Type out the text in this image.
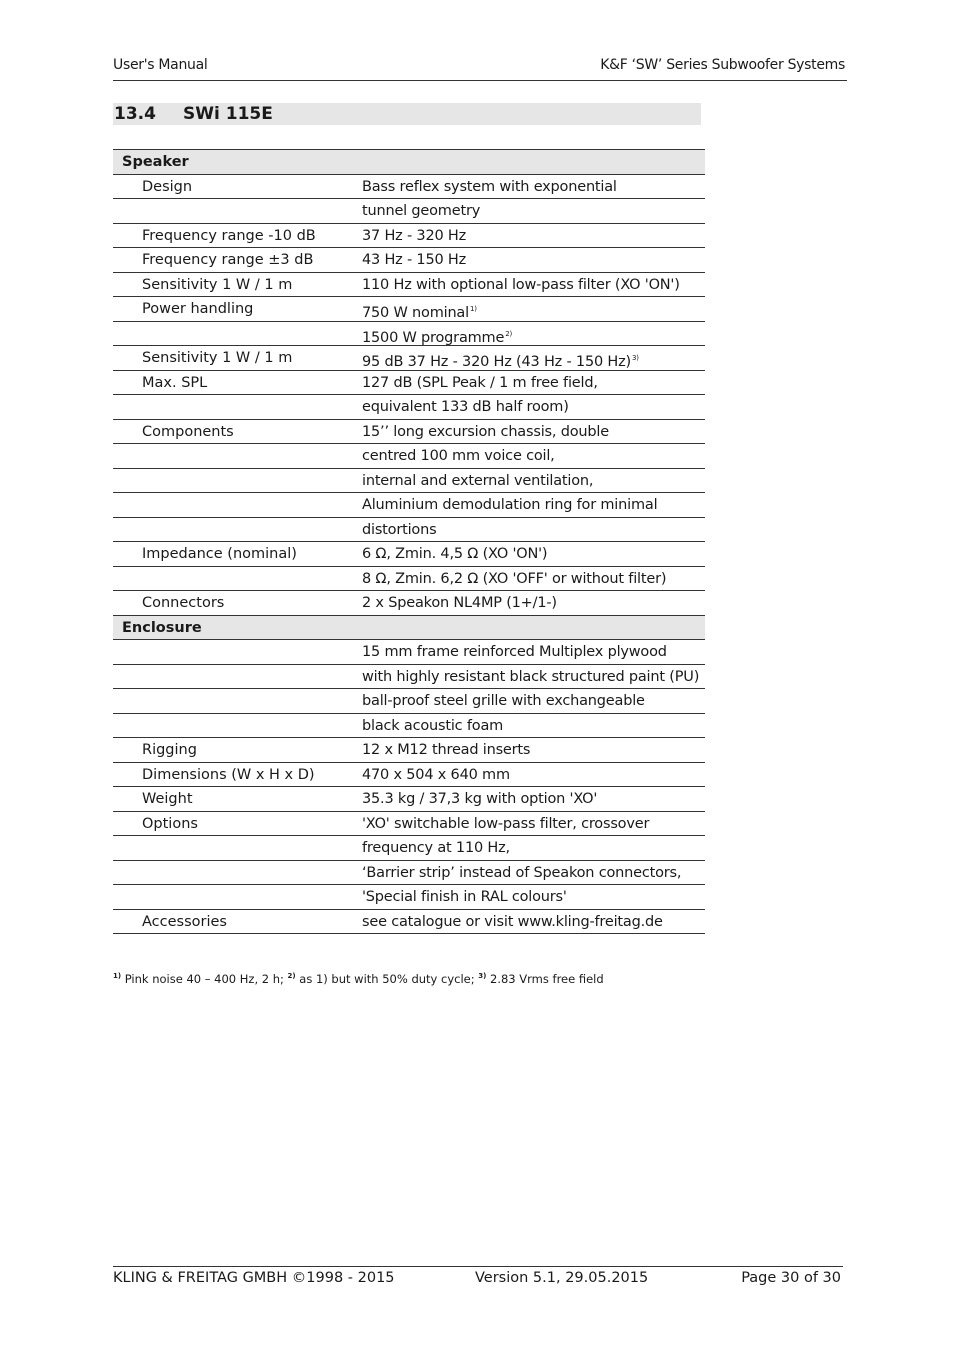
User's Manual	K&F ‘SW’ Series Subwoofer Systems
13.4 SWi 115E
Speaker
Design	Bass reflex system with exponential
tunnel geometry
Frequency range -10 dB	37 Hz - 320 Hz
Frequency range ±3 dB	43 Hz - 150 Hz
Sensitivity 1 W / 1 m	110 Hz with optional low-pass filter (XO 'ON')
Power handling	750 W nominal$^{1)}$
1500 W programme$^{2)}$
Sensitivity 1 W / 1 m	95 dB 37 Hz - 320 Hz (43 Hz - 150 Hz)$^{3)}$
Max. SPL	127 dB (SPL Peak / 1 m free field,
equivalent 133 dB half room)
Components	15’’ long excursion chassis, double
centred 100 mm voice coil,
internal and external ventilation,
Aluminium demodulation ring for minimal
distortions
Impedance (nominal)	6 Ω, Zmin. 4,5 Ω (XO 'ON')
8 Ω, Zmin. 6,2 Ω (XO 'OFF' or without filter)
Connectors	2 x Speakon NL4MP (1+/1-)
Enclosure
15 mm frame reinforced Multiplex plywood
with highly resistant black structured paint (PU)
ball-proof steel grille with exchangeable
black acoustic foam
Rigging	12 x M12 thread inserts
Dimensions (W x H x D)	470 x 504 x 640 mm
Weight	35.3 kg / 37,3 kg with option 'XO'
Options	'XO' switchable low-pass filter, crossover
frequency at 110 Hz,
‘Barrier strip’ instead of Speakon connectors,
'Special finish in RAL colours'
Accessories	see catalogue or visit www.kling-freitag.de
$^{1)}$ Pink noise 40 – 400 Hz, 2 h; $^{2)}$ as 1) but with 50% duty cycle; $^{3)}$ 2.83 Vrms free field
KLING & FREITAG GMBH ©1998 - 2015	Version 5.1, 29.05.2015	Page 30 of 30
